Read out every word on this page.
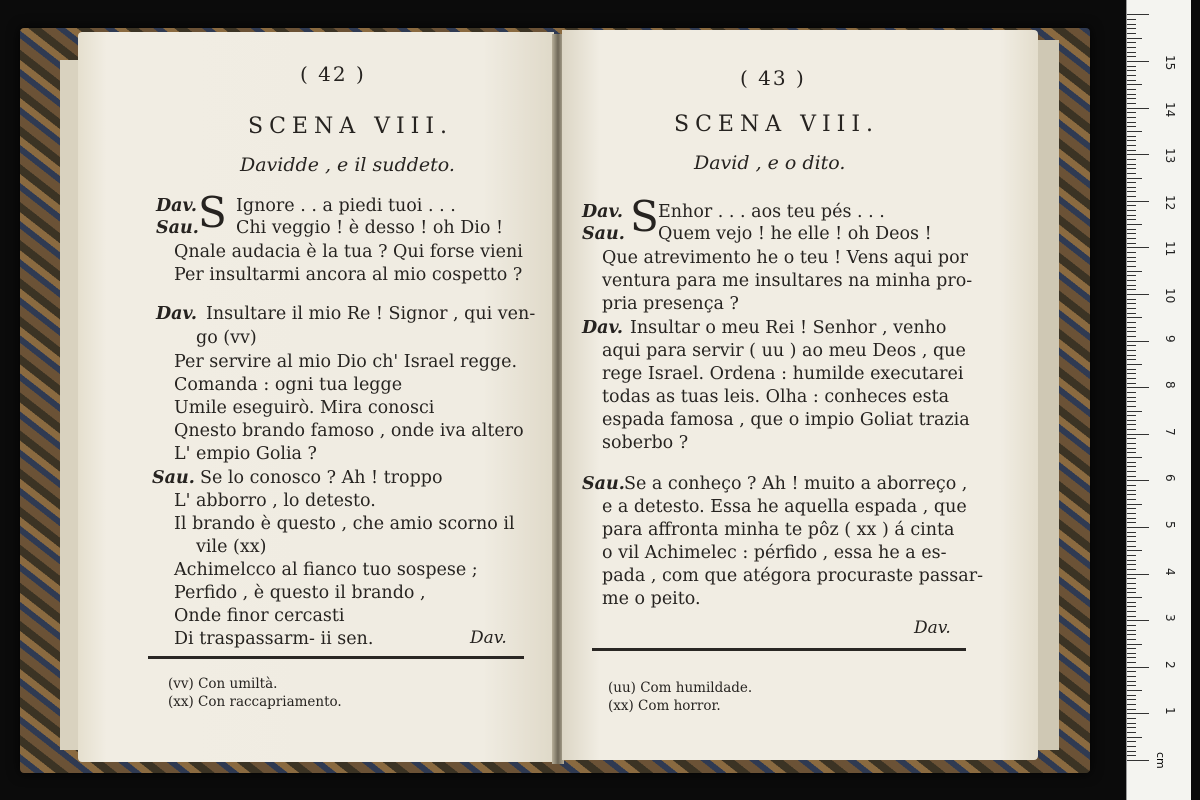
( 42 )
SCENA VIII.
Davidde , e il suddeto.
S
Dav. Ignore . . a piedi tuoi . . .
Sau. Chi veggio ! è desso ! oh Dio !
Qnale audacia è la tua ? Qui forse vieni
Per insultarmi ancora al mio cospetto ?
Dav. Insultare il mio Re ! Signor , qui ven-
go (vv)
Per servire al mio Dio ch' Israel regge.
Comanda : ogni tua legge
Umile eseguirò. Mira conosci
Qnesto brando famoso , onde iva altero
L' empio Golia ?
Sau. Se lo conosco ? Ah ! troppo
L' abborro , lo detesto.
Il brando è questo , che amio scorno il
vile (xx)
Achimelcco al fianco tuo sospese ;
Perfido , è questo il brando ,
Onde finor cercasti
Di traspassarm- ii sen.	Dav.
(vv) Con umiltà.
(xx) Con raccapriamento.
( 43 )
SCENA VIII.
David , e o dito.
S
Dav. Enhor . . . aos teu pés . . .
Sau. Quem vejo ! he elle ! oh Deos !
Que atrevimento he o teu ! Vens aqui por
ventura para me insultares na minha pro-
pria presença ?
Dav. Insultar o meu Rei ! Senhor , venho
aqui para servir ( uu ) ao meu Deos , que
rege Israel. Ordena : humilde executarei
todas as tuas leis. Olha : conheces esta
espada famosa , que o impio Goliat trazia
soberbo ?
Sau. Se a conheço ? Ah ! muito a aborreço ,
e a detesto. Essa he aquella espada , que
para affronta minha te pôz ( xx ) á cinta
o vil Achimelec : pérfido , essa he a es-
pada , com que atégora procuraste passar-
me o peito.
Dav.
(uu) Com humildade.
(xx) Com horror.
cm
1
2
3
4
5
6
7
8
9
10
11
12
13
14
15
